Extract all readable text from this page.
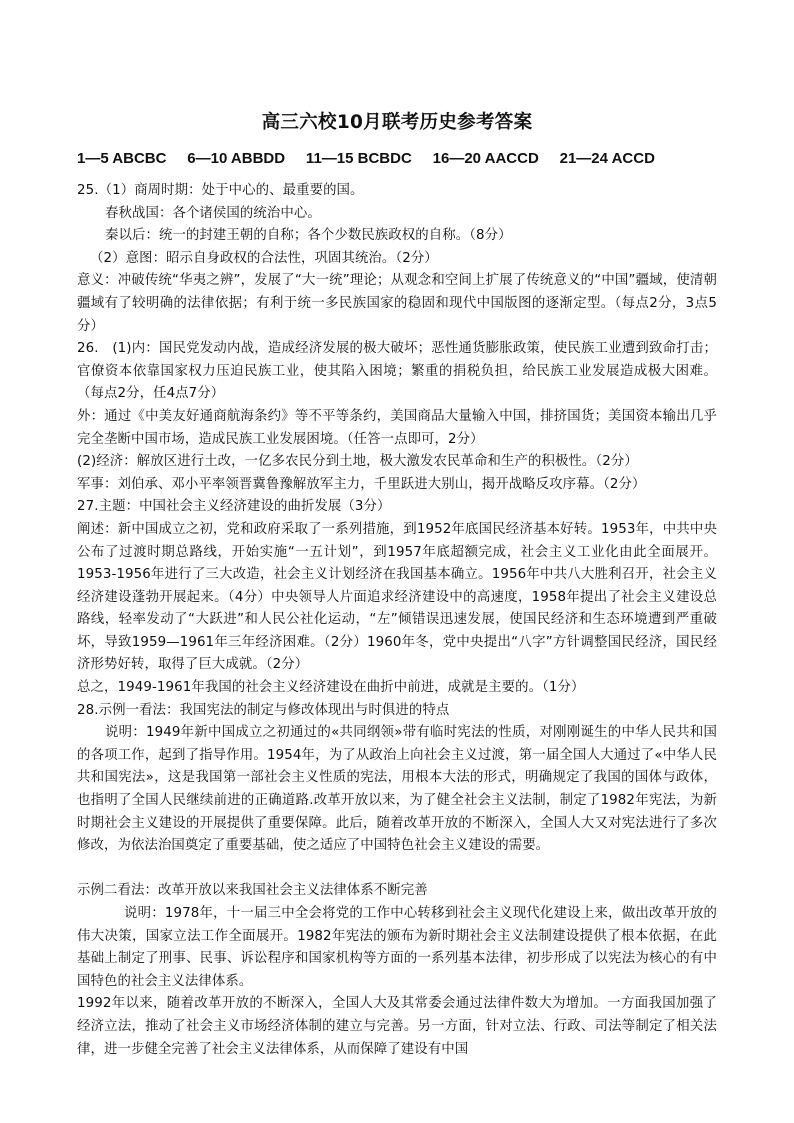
高三六校10月联考历史参考答案
1—5 ABCBC     6—10 ABBDD     11—15 BCBDC     16—20 AACCD     21—24 ACCD

25.（1）商周时期：处于中心的、最重要的国。

春秋战国：各个诸侯国的统治中心。

秦以后：统一的封建王朝的自称；各个少数民族政权的自称。（8分）

（2）意图：昭示自身政权的合法性，巩固其统治。（2分）

意义：冲破传统“华夷之辨”，发展了“大一统”理论；从观念和空间上扩展了传统意义的“中国”疆域，使清朝疆域有了较明确的法律依据；有利于统一多民族国家的稳固和现代中国版图的逐渐定型。（每点2分，3点5分）

26.　(1)内：国民党发动内战，造成经济发展的极大破坏；恶性通货膨胀政策，使民族工业遭到致命打击；官僚资本依靠国家权力压迫民族工业，使其陷入困境；繁重的捐税负担，给民族工业发展造成极大困难。（每点2分，任4点7分）

外：通过《中美友好通商航海条约》等不平等条约，美国商品大量输入中国，排挤国货；美国资本输出几乎完全垄断中国市场，造成民族工业发展困境。（任答一点即可，2分）

(2)经济：解放区进行土改，一亿多农民分到土地，极大激发农民革命和生产的积极性。（2分）

军事：刘伯承、邓小平率领晋冀鲁豫解放军主力，千里跃进大别山，揭开战略反攻序幕。（2分）

27.主题：中国社会主义经济建设的曲折发展（3分）

阐述：新中国成立之初，党和政府采取了一系列措施，到1952年底国民经济基本好转。1953年，中共中央公布了过渡时期总路线，开始实施“一五计划”，到1957年底超额完成，社会主义工业化由此全面展开。1953-1956年进行了三大改造，社会主义计划经济在我国基本确立。1956年中共八大胜利召开，社会主义经济建设蓬勃开展起来。（4分）中央领导人片面追求经济建设中的高速度，1958年提出了社会主义建设总路线，轻率发动了“大跃进”和人民公社化运动，“左”倾错误迅速发展，使国民经济和生态环境遭到严重破坏，导致1959—1961年三年经济困难。（2分）1960年冬，党中央提出“八字”方针调整国民经济，国民经济形势好转，取得了巨大成就。（2分）

总之，1949-1961年我国的社会主义经济建设在曲折中前进，成就是主要的。（1分）

28.示例一看法：我国宪法的制定与修改体现出与时俱进的特点

说明：1949年新中国成立之初通过的«共同纲领»带有临时宪法的性质，对刚刚诞生的中华人民共和国的各项工作，起到了指导作用。1954年，为了从政治上向社会主义过渡，第一届全国人大通过了«中华人民共和国宪法»，这是我国第一部社会主义性质的宪法，用根本大法的形式，明确规定了我国的国体与政体，也指明了全国人民继续前进的正确道路.改革开放以来，为了健全社会主义法制，制定了1982年宪法，为新时期社会主义建设的开展提供了重要保障。此后，随着改革开放的不断深入，全国人大又对宪法进行了多次修改，为依法治国奠定了重要基础，使之适应了中国特色社会主义建设的需要。

示例二看法：改革开放以来我国社会主义法律体系不断完善

说明：1978年，十一届三中全会将党的工作中心转移到社会主义现代化建设上来，做出改革开放的伟大决策，国家立法工作全面展开。1982年宪法的颁布为新时期社会主义法制建设提供了根本依据，在此基础上制定了刑事、民事、诉讼程序和国家机构等方面的一系列基本法律，初步形成了以宪法为核心的有中国特色的社会主义法律体系。

1992年以来，随着改革开放的不断深入，全国人大及其常委会通过法律件数大为增加。一方面我国加强了经济立法，推动了社会主义市场经济体制的建立与完善。另一方面，针对立法、行政、司法等制定了相关法律，进一步健全完善了社会主义法律体系，从而保障了建设有中国
